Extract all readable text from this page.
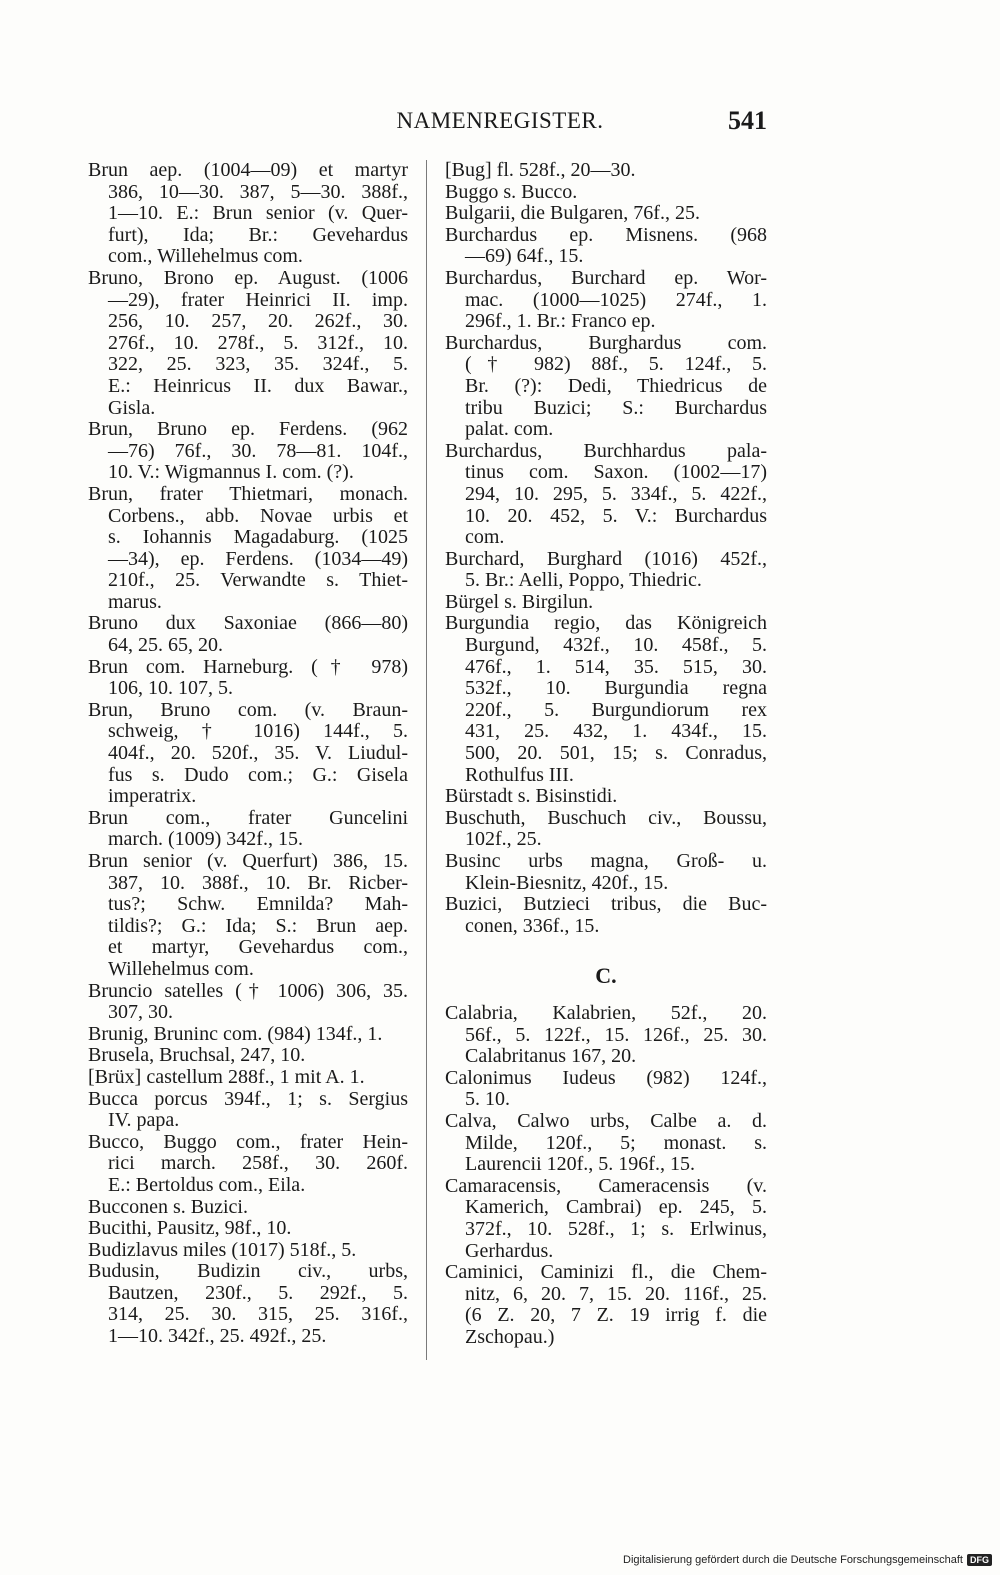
NAMENREGISTER.	541

Brun aep. (1004—09) et martyr
386, 10—30. 387, 5—30. 388f.,
1—10. E.: Brun senior (v. Quer-
furt), Ida; Br.: Gevehardus
com., Willehelmus com.

Bruno, Brono ep. August. (1006
—29), frater Heinrici II. imp.
256, 10. 257, 20. 262f., 30.
276f., 10. 278f., 5. 312f., 10.
322, 25. 323, 35. 324f., 5.
E.: Heinricus II. dux Bawar.,
Gisla.

Brun, Bruno ep. Ferdens. (962
—76) 76f., 30. 78—81. 104f.,
10. V.: Wigmannus I. com. (?).

Brun, frater Thietmari, monach.
Corbens., abb. Novae urbis et
s. Iohannis Magadaburg. (1025
—34), ep. Ferdens. (1034—49)
210f., 25. Verwandte s. Thiet-
marus.

Bruno dux Saxoniae (866—80)
64, 25. 65, 20.

Brun com. Harneburg. († 978)
106, 10. 107, 5.

Brun, Bruno com. (v. Braun-
schweig, † 1016) 144f., 5.
404f., 20. 520f., 35. V. Liudul-
fus s. Dudo com.; G.: Gisela
imperatrix.

Brun com., frater Guncelini
march. (1009) 342f., 15.

Brun senior (v. Querfurt) 386, 15.
387, 10. 388f., 10. Br. Ricber-
tus?; Schw. Emnilda? Mah-
tildis?; G.: Ida; S.: Brun aep.
et martyr, Gevehardus com.,
Willehelmus com.

Bruncio satelles († 1006) 306, 35.
307, 30.

Brunig, Bruninc com. (984) 134f., 1.

Brusela, Bruchsal, 247, 10.

[Brüx] castellum 288f., 1 mit A. 1.

Bucca porcus 394f., 1; s. Sergius
IV. papa.

Bucco, Buggo com., frater Hein-
rici march. 258f., 30. 260f.
E.: Bertoldus com., Eila.

Bucconen s. Buzici.

Bucithi, Pausitz, 98f., 10.

Budizlavus miles (1017) 518f., 5.

Budusin, Budizin civ., urbs,
Bautzen, 230f., 5. 292f., 5.
314, 25. 30. 315, 25. 316f.,
1—10. 342f., 25. 492f., 25.

[Bug] fl. 528f., 20—30.

Buggo s. Bucco.

Bulgarii, die Bulgaren, 76f., 25.

Burchardus ep. Misnens. (968
—69) 64f., 15.

Burchardus, Burchard ep. Wor-
mac. (1000—1025) 274f., 1.
296f., 1. Br.: Franco ep.

Burchardus, Burghardus com.
(† 982) 88f., 5. 124f., 5.
Br. (?): Dedi, Thiedricus de
tribu Buzici; S.: Burchardus
palat. com.

Burchardus, Burchhardus pala-
tinus com. Saxon. (1002—17)
294, 10. 295, 5. 334f., 5. 422f.,
10. 20. 452, 5. V.: Burchardus
com.

Burchard, Burghard (1016) 452f.,
5. Br.: Aelli, Poppo, Thiedric.

Bürgel s. Birgilun.

Burgundia regio, das Königreich
Burgund, 432f., 10. 458f., 5.
476f., 1. 514, 35. 515, 30.
532f., 10. Burgundia regna
220f., 5. Burgundiorum rex
431, 25. 432, 1. 434f., 15.
500, 20. 501, 15; s. Conradus,
Rothulfus III.

Bürstadt s. Bisinstidi.

Buschuth, Buschuch civ., Boussu,
102f., 25.

Businc urbs magna, Groß- u.
Klein-Biesnitz, 420f., 15.

Buzici, Butzieci tribus, die Buc-
conen, 336f., 15.

C.

Calabria, Kalabrien, 52f., 20.
56f., 5. 122f., 15. 126f., 25. 30.
Calabritanus 167, 20.

Calonimus Iudeus (982) 124f.,
5. 10.

Calva, Calwo urbs, Calbe a. d.
Milde, 120f., 5; monast. s.
Laurencii 120f., 5. 196f., 15.

Camaracensis, Cameracensis (v.
Kamerich, Cambrai) ep. 245, 5.
372f., 10. 528f., 1; s. Erlwinus,
Gerhardus.

Caminici, Caminizi fl., die Chem-
nitz, 6, 20. 7, 15. 20. 116f., 25.
(6 Z. 20, 7 Z. 19 irrig f. die
Zschopau.)

Digitalisierung gefördert durch die Deutsche Forschungsgemeinschaft DFG
